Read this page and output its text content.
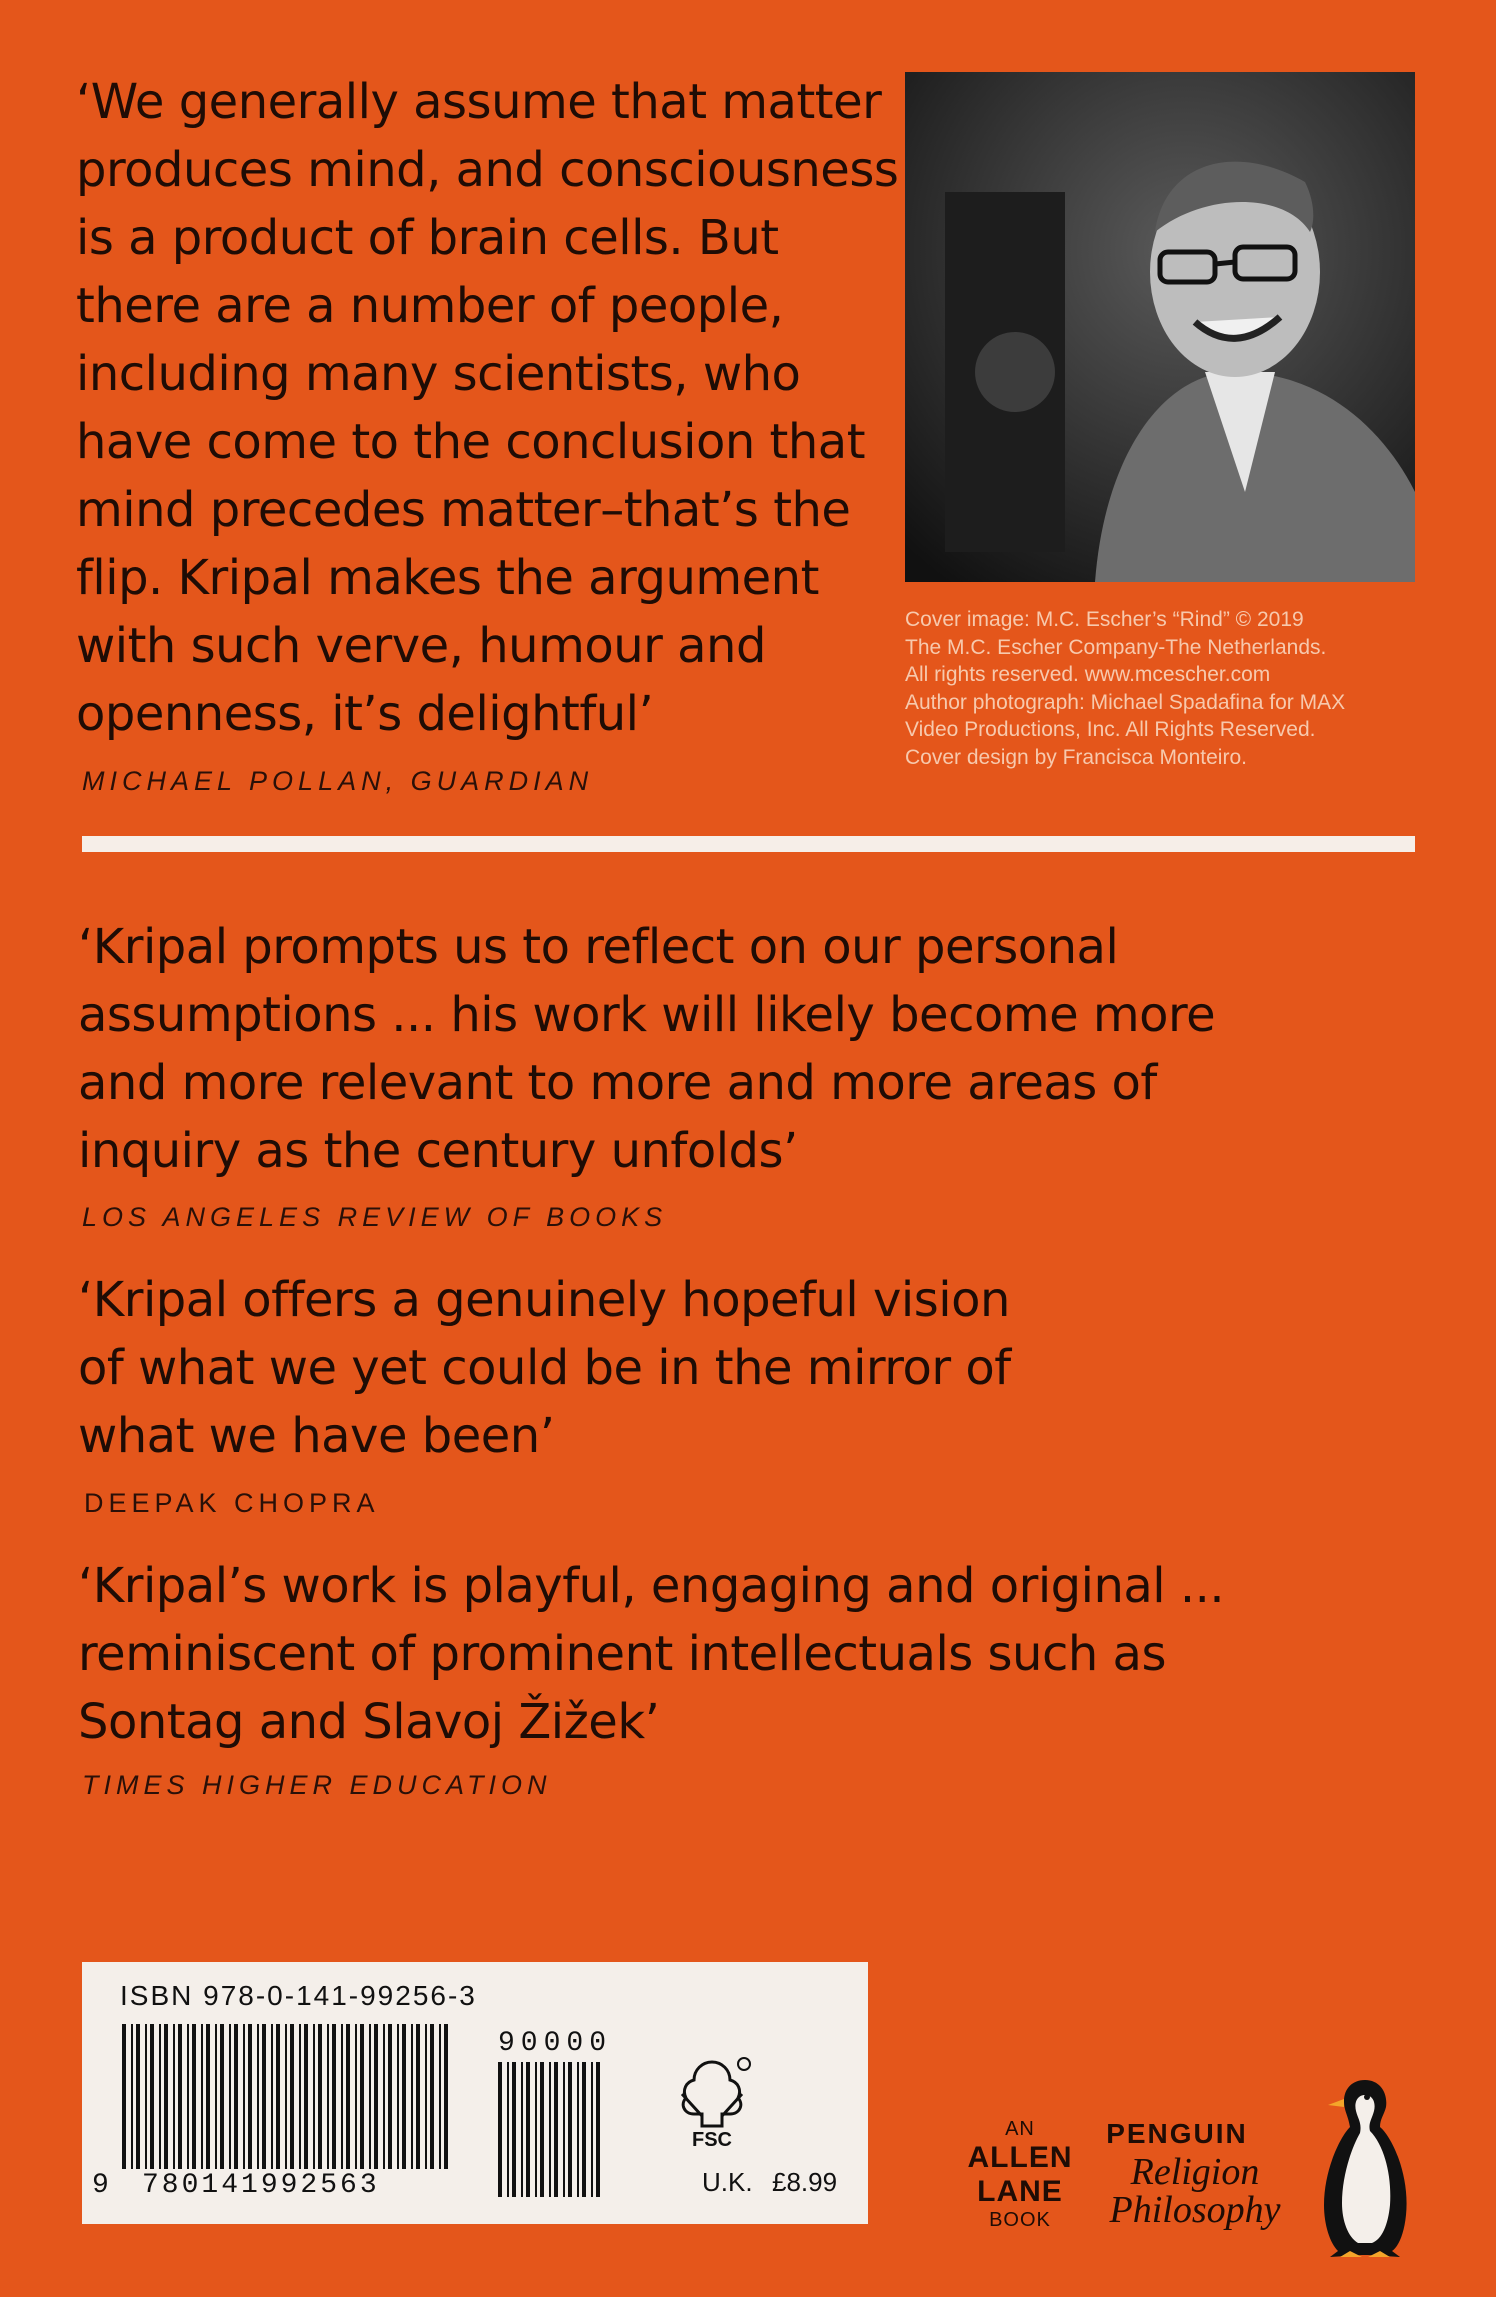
‘We generally assume that matter
produces mind, and consciousness
is a product of brain cells. But
there are a number of people,
including many scientists, who
have come to the conclusion that
mind precedes matter–that’s the
flip. Kripal makes the argument
with such verve, humour and
openness, it’s delightful’
MICHAEL POLLAN, GUARDIAN
Cover image: M.C. Escher’s “Rind” © 2019
The M.C. Escher Company-The Netherlands.
All rights reserved. www.mcescher.com
Author photograph: Michael Spadafina for MAX
Video Productions, Inc. All Rights Reserved.
Cover design by Francisca Monteiro.
‘Kripal prompts us to reflect on our personal
assumptions ... his work will likely become more
and more relevant to more and more areas of
inquiry as the century unfolds’
LOS ANGELES REVIEW OF BOOKS
‘Kripal offers a genuinely hopeful vision
of what we yet could be in the mirror of
what we have been’
DEEPAK CHOPRA
‘Kripal’s work is playful, engaging and original ...
reminiscent of prominent intellectuals such as
Sontag and Slavoj Žižek’
TIMES HIGHER EDUCATION
ISBN 978-0-141-99256-3
9 780141992563
90000
FSC
U.K. £8.99
AN
ALLEN
LANE
BOOK
PENGUIN
Religion
Philosophy
